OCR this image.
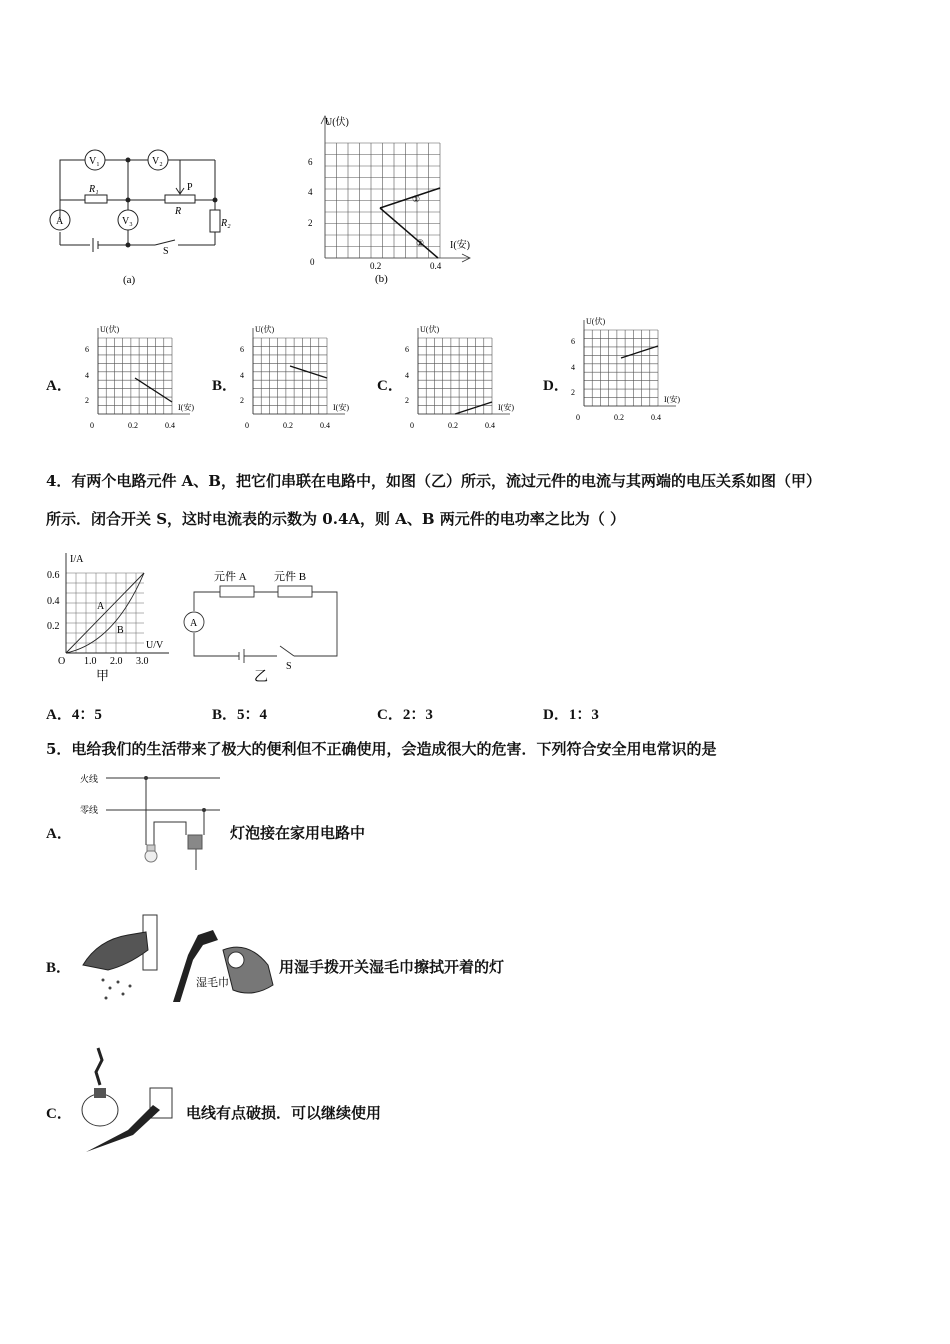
V₁	V₂
V₃
A
R₁
R
R₂
P
S
(a)
U(伏)
I(安)
6
4
2
0	0.2	0.4
①
②
(b)
A．	B．	C．	D．
U(伏)
I(安)
6
4
2
0	0.2	0.4
U(伏)
I(安)
6
4
2
0	0.2	0.4
U(伏)
I(安)
6
4
2
0	0.2	0.4
U(伏)
I(安)
6
4
2
0	0.2	0.4
4．有两个电路元件 A、B，把它们串联在电路中，如图（乙）所示，流过元件的电流与其两端的电压关系如图（甲）
所示．闭合开关 S，这时电流表的示数为 0.4A，则 A、B 两元件的电功率之比为（ ）
I/A
U/V
0.6
0.4
0.2
O 1.0 2.0 3.0
A
B
甲
元件 A 元件 B
A
S
乙
A．4：5	B．5：4	C．2：3	D．1：3
5．电给我们的生活带来了极大的便利但不正确使用，会造成很大的危害．下列符合安全用电常识的是
A．
火线
零线
灯泡接在家用电路中
B．
湿毛巾
用湿手拨开关湿毛巾擦拭开着的灯
C．	电线有点破损．可以继续使用
